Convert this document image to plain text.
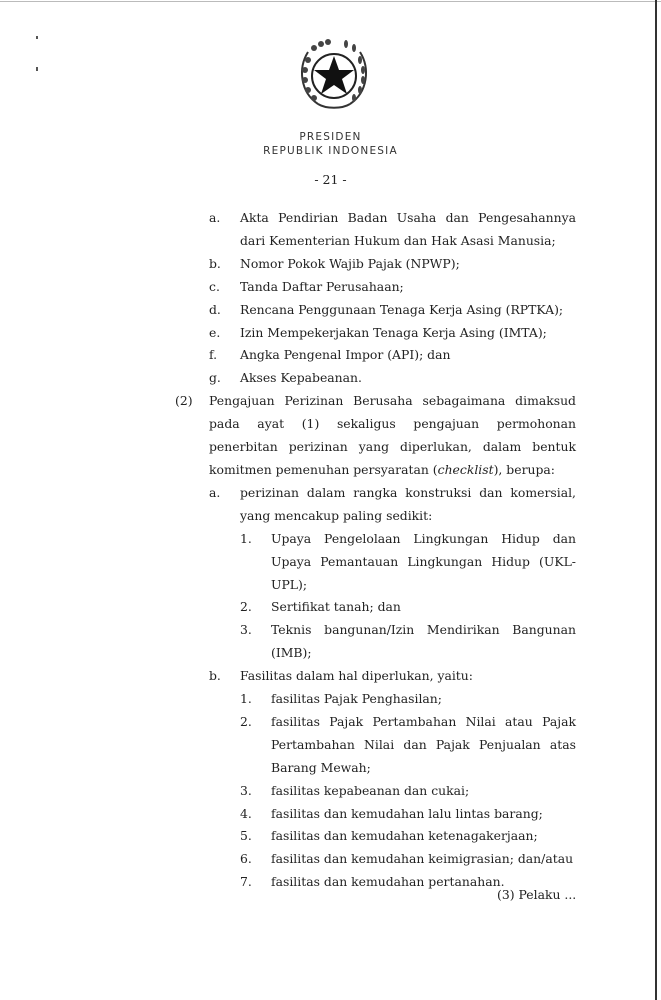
PRESIDEN
REPUBLIK INDONESIA
- 21 -
a. Akta Pendirian Badan Usaha dan Pengesahannya dari Kementerian Hukum dan Hak Asasi Manusia;
b. Nomor Pokok Wajib Pajak (NPWP);
c. Tanda Daftar Perusahaan;
d. Rencana Penggunaan Tenaga Kerja Asing (RPTKA);
e. Izin Mempekerjakan Tenaga Kerja Asing (IMTA);
f. Angka Pengenal Impor (API); dan
g. Akses Kepabeanan.
(2) Pengajuan Perizinan Berusaha sebagaimana dimaksud pada ayat (1) sekaligus pengajuan permohonan penerbitan perizinan yang diperlukan, dalam bentuk komitmen pemenuhan persyaratan (checklist), berupa:
a. perizinan dalam rangka konstruksi dan komersial, yang mencakup paling sedikit:
1. Upaya Pengelolaan Lingkungan Hidup dan Upaya Pemantauan Lingkungan Hidup (UKL-UPL);
2. Sertifikat tanah; dan
3. Teknis bangunan/Izin Mendirikan Bangunan (IMB);
b. Fasilitas dalam hal diperlukan, yaitu:
1. fasilitas Pajak Penghasilan;
2. fasilitas Pajak Pertambahan Nilai atau Pajak Pertambahan Nilai dan Pajak Penjualan atas Barang Mewah;
3. fasilitas kepabeanan dan cukai;
4. fasilitas dan kemudahan lalu lintas barang;
5. fasilitas dan kemudahan ketenagakerjaan;
6. fasilitas dan kemudahan keimigrasian; dan/atau
7. fasilitas dan kemudahan pertanahan.
(3) Pelaku ...
